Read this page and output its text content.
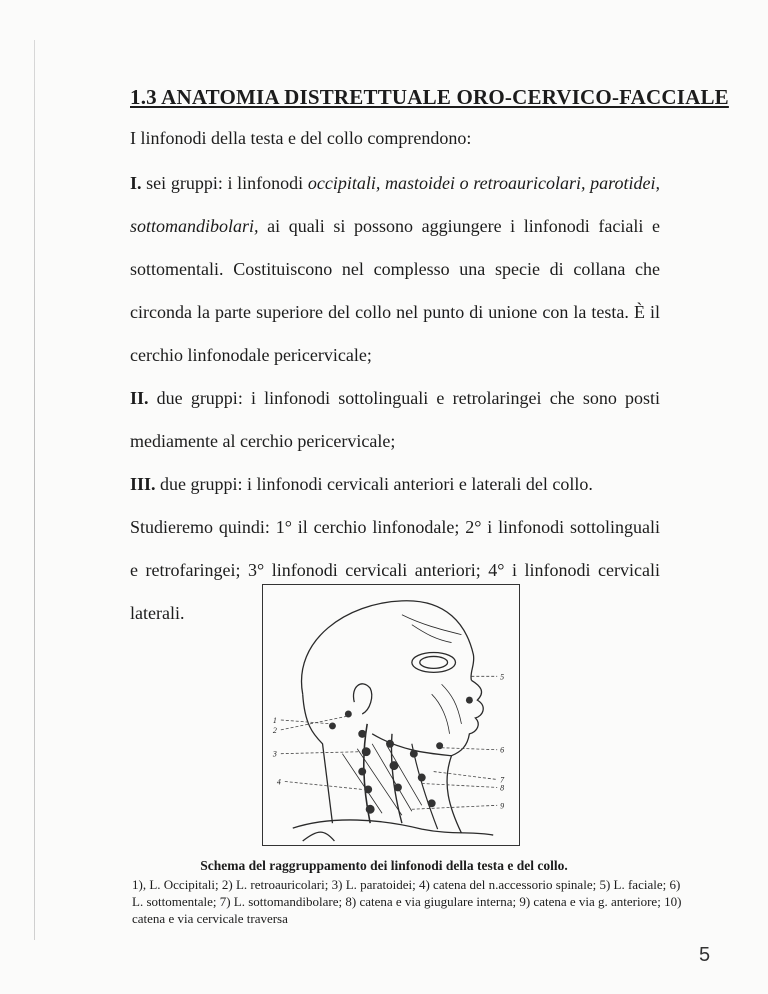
1.3 ANATOMIA DISTRETTUALE ORO-CERVICO-FACCIALE
I linfonodi della testa e del collo comprendono:

I. sei gruppi: i linfonodi occipitali, mastoidei o retroauricolari, parotidei, sottomandibolari, ai quali si possono aggiungere i linfonodi faciali e sottomentali. Costituiscono nel complesso una specie di collana che circonda la parte superiore del collo nel punto di unione con la testa. È il cerchio linfonodale pericervicale;

II. due gruppi: i linfonodi sottolinguali e retrolaringei che sono posti mediamente al cerchio pericervicale;

III. due gruppi: i linfonodi cervicali anteriori e laterali del collo.

Studieremo quindi: 1° il cerchio linfonodale; 2° i linfonodi sottolinguali e retrofaringei; 3° linfonodi cervicali anteriori; 4° i linfonodi cervicali laterali.

1
2
3
4
5
6
7
8
9
Schema del raggruppamento dei linfonodi della testa e del collo.
1), L. Occipitali; 2) L. retroauricolari; 3) L. paratoidei; 4) catena del n.accessorio spinale; 5) L. faciale; 6) L. sottomentale; 7) L. sottomandibolare; 8) catena e via giugulare interna; 9) catena e via g. anteriore; 10) catena e via cervicale traversa
5
